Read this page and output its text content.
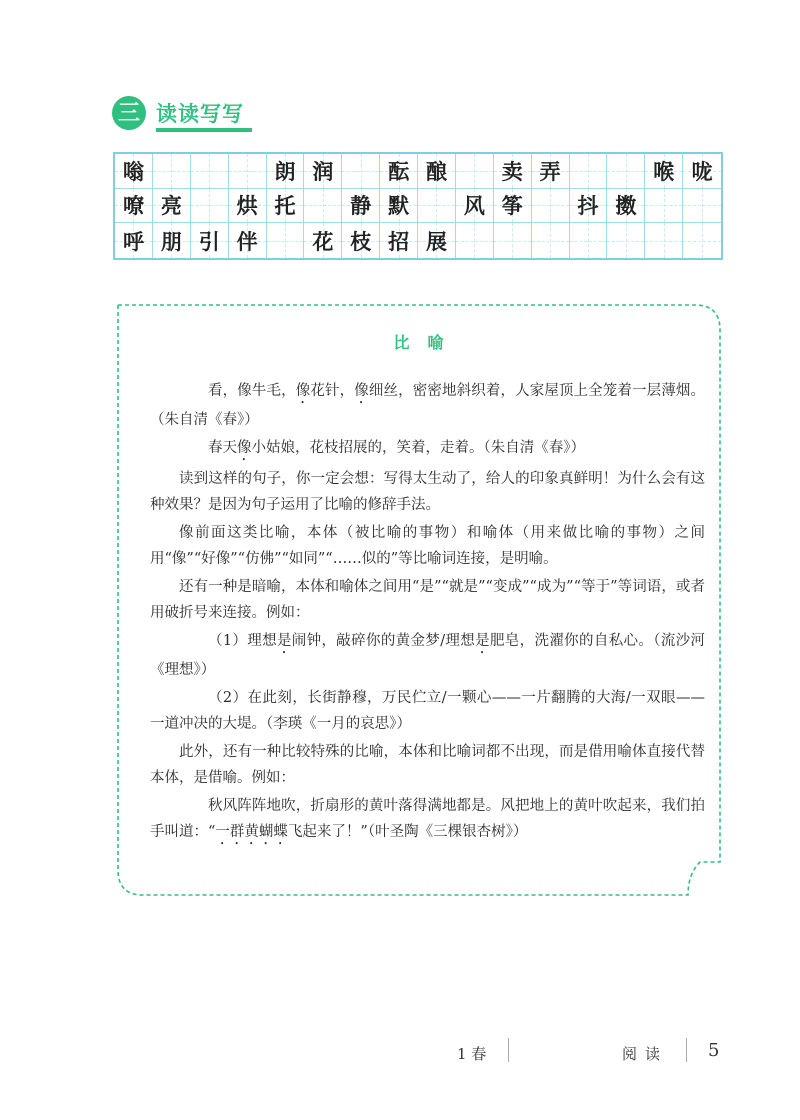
三 读读写写
嗡	朗 润	酝 酿	卖 弄	喉 咙
嘹 亮	烘 托	静 默	风 筝	抖 擞
呼 朋 引 伴	花 枝 招 展
比喻

看，像牛毛，像花针，像细丝，密密地斜织着，人家屋顶上全笼着一层薄烟。（朱自清《春》）

春天像小姑娘，花枝招展的，笑着，走着。（朱自清《春》）

读到这样的句子，你一定会想：写得太生动了，给人的印象真鲜明！为什么会有这种效果？是因为句子运用了比喻的修辞手法。

像前面这类比喻，本体（被比喻的事物）和喻体（用来做比喻的事物）之间用“像”“好像”“仿佛”“如同”“……似的”等比喻词连接，是明喻。

还有一种是暗喻，本体和喻体之间用“是”“就是”“变成”“成为”“等于”等词语，或者用破折号来连接。例如：

（1）理想是闹钟，敲碎你的黄金梦/理想是肥皂，洗濯你的自私心。（流沙河《理想》）

（2）在此刻，长街静穆，万民伫立/一颗心——一片翻腾的大海/一双眼——一道冲决的大堤。（李瑛《一月的哀思》）

此外，还有一种比较特殊的比喻，本体和比喻词都不出现，而是借用喻体直接代替本体，是借喻。例如：

秋风阵阵地吹，折扇形的黄叶落得满地都是。风把地上的黄叶吹起来，我们拍手叫道：“一群黄蝴蝶飞起来了！”（叶圣陶《三棵银杏树》）

1 春	阅读 5
